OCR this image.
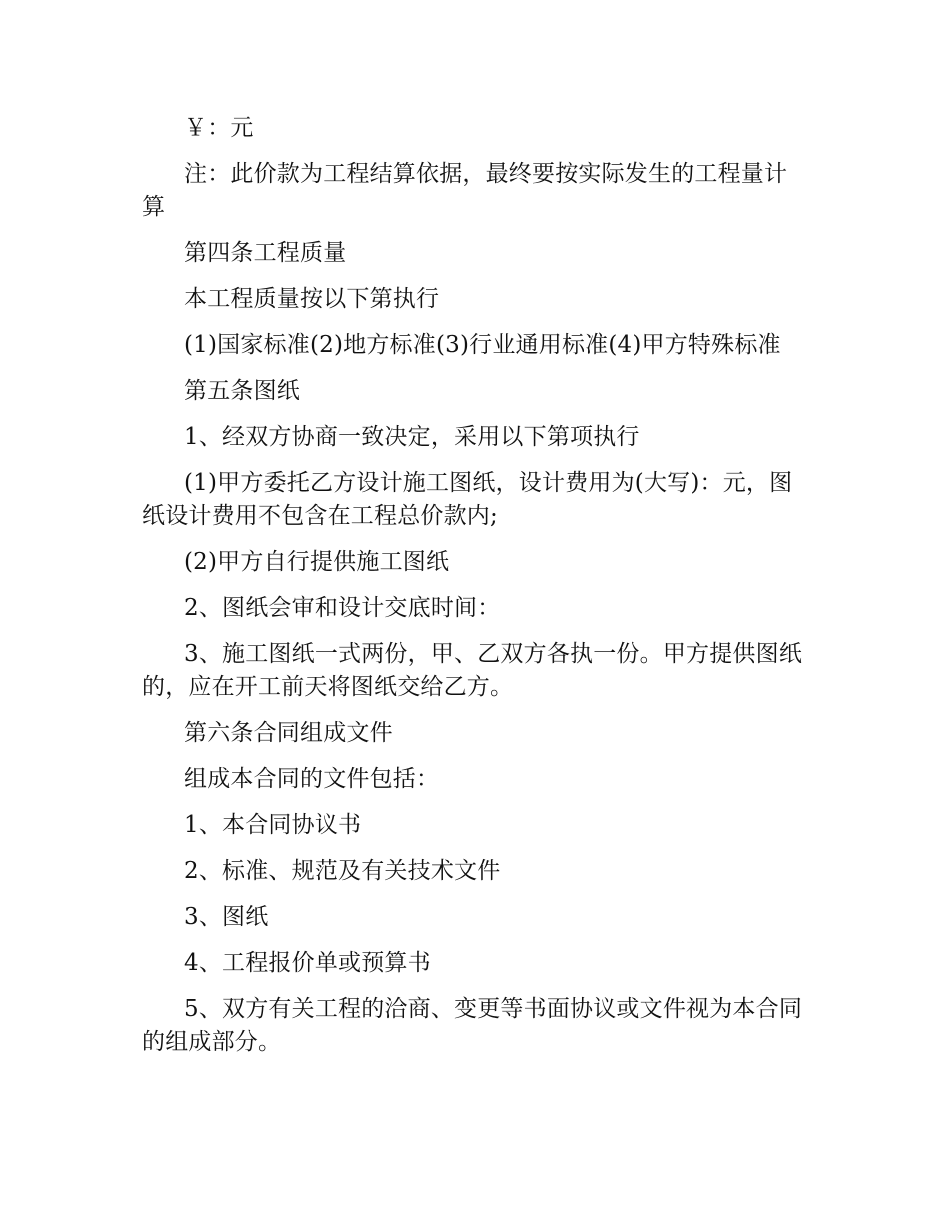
￥：元

注：此价款为工程结算依据，最终要按实际发生的工程量计算

第四条工程质量

本工程质量按以下第执行

(1)国家标准(2)地方标准(3)行业通用标准(4)甲方特殊标准

第五条图纸

1、经双方协商一致决定，采用以下第项执行

(1)甲方委托乙方设计施工图纸，设计费用为(大写)：元，图纸设计费用不包含在工程总价款内;

(2)甲方自行提供施工图纸

2、图纸会审和设计交底时间：

3、施工图纸一式两份，甲、乙双方各执一份。甲方提供图纸的，应在开工前天将图纸交给乙方。

第六条合同组成文件

组成本合同的文件包括：

1、本合同协议书

2、标准、规范及有关技术文件

3、图纸

4、工程报价单或预算书

5、双方有关工程的洽商、变更等书面协议或文件视为本合同的组成部分。
